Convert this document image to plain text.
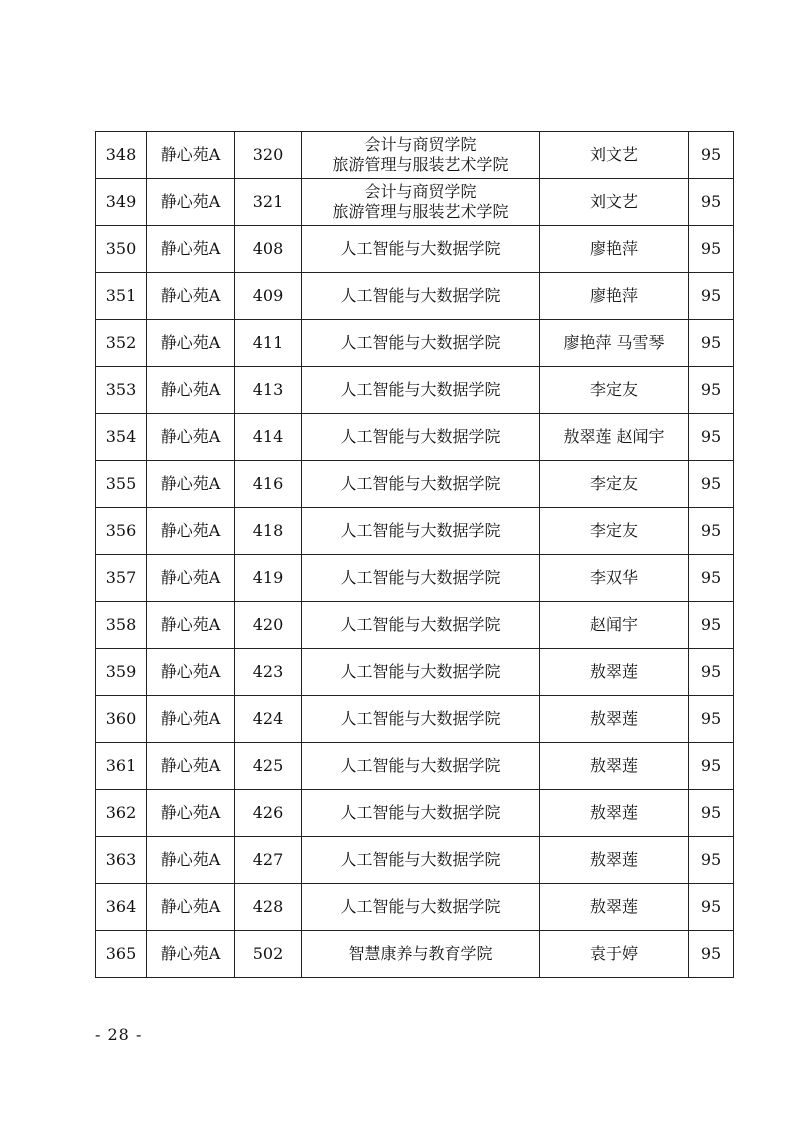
348	静心苑A	320	会计与商贸学院
旅游管理与服装艺术学院	刘文艺	95
349	静心苑A	321	会计与商贸学院
旅游管理与服装艺术学院	刘文艺	95
350	静心苑A	408	人工智能与大数据学院	廖艳萍	95
351	静心苑A	409	人工智能与大数据学院	廖艳萍	95
352	静心苑A	411	人工智能与大数据学院	廖艳萍 马雪琴	95
353	静心苑A	413	人工智能与大数据学院	李定友	95
354	静心苑A	414	人工智能与大数据学院	敖翠莲 赵闻宇	95
355	静心苑A	416	人工智能与大数据学院	李定友	95
356	静心苑A	418	人工智能与大数据学院	李定友	95
357	静心苑A	419	人工智能与大数据学院	李双华	95
358	静心苑A	420	人工智能与大数据学院	赵闻宇	95
359	静心苑A	423	人工智能与大数据学院	敖翠莲	95
360	静心苑A	424	人工智能与大数据学院	敖翠莲	95
361	静心苑A	425	人工智能与大数据学院	敖翠莲	95
362	静心苑A	426	人工智能与大数据学院	敖翠莲	95
363	静心苑A	427	人工智能与大数据学院	敖翠莲	95
364	静心苑A	428	人工智能与大数据学院	敖翠莲	95
365	静心苑A	502	智慧康养与教育学院	袁于婷	95
- 28 -
